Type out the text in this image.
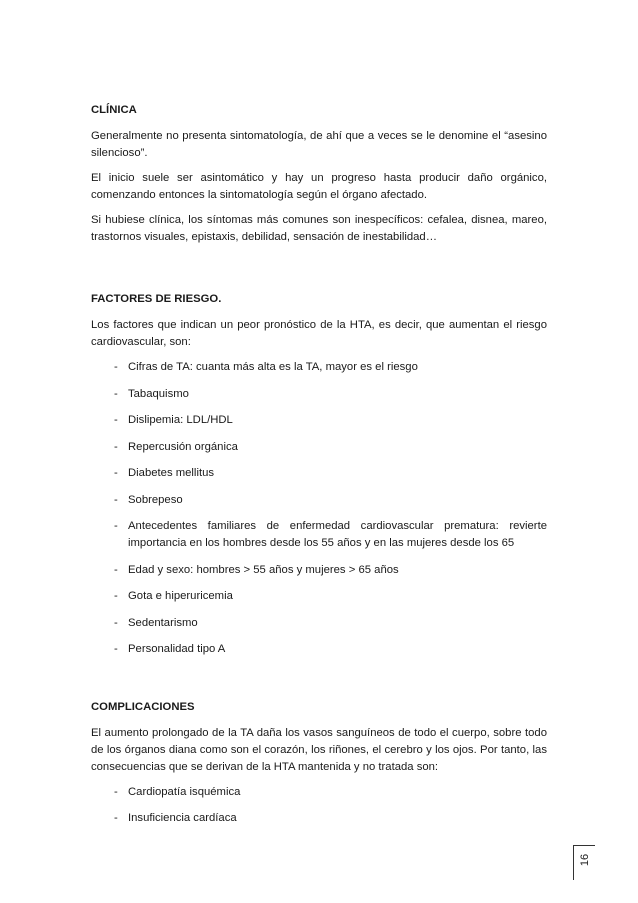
CLÍNICA

Generalmente no presenta sintomatología, de ahí que a veces se le denomine el “asesino silencioso”.

El inicio suele ser asintomático y hay un progreso hasta producir daño orgánico, comenzando entonces la sintomatología según el órgano afectado.

Si hubiese clínica, los síntomas más comunes son inespecíficos: cefalea, disnea, mareo, trastornos visuales, epistaxis, debilidad, sensación de inestabilidad…

FACTORES DE RIESGO.

Los factores que indican un peor pronóstico de la HTA, es decir, que aumentan el riesgo cardiovascular, son:

- Cifras de TA: cuanta más alta es la TA, mayor es el riesgo
- Tabaquismo
- Dislipemia: LDL/HDL
- Repercusión orgánica
- Diabetes mellitus
- Sobrepeso
- Antecedentes familiares de enfermedad cardiovascular prematura: revierte importancia en los hombres desde los 55 años y en las mujeres desde los 65
- Edad y sexo: hombres > 55 años y mujeres > 65 años
- Gota e hiperuricemia
- Sedentarismo
- Personalidad tipo A
COMPLICACIONES

El aumento prolongado de la TA daña los vasos sanguíneos de todo el cuerpo, sobre todo de los órganos diana como son el corazón, los riñones, el cerebro y los ojos. Por tanto, las consecuencias que se derivan de la HTA mantenida y no tratada son:

- Cardiopatía isquémica
- Insuficiencia cardíaca
16
